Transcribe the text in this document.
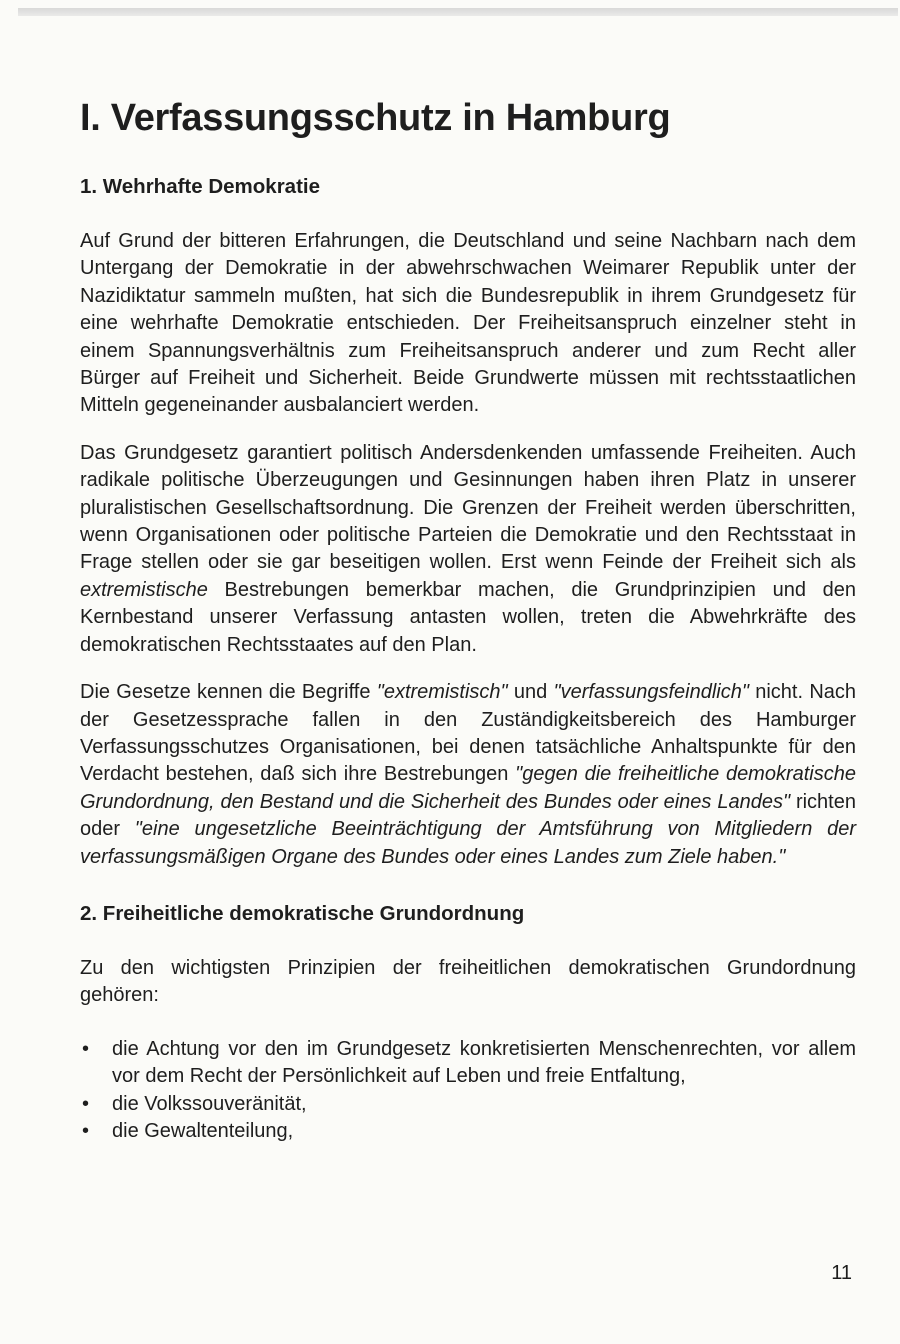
I. Verfassungsschutz in Hamburg
1. Wehrhafte Demokratie

Auf Grund der bitteren Erfahrungen, die Deutschland und seine Nachbarn nach dem Untergang der Demokratie in der abwehrschwachen Weimarer Republik unter der Nazidiktatur sammeln mußten, hat sich die Bundesrepublik in ihrem Grundgesetz für eine wehrhafte Demokratie entschieden. Der Freiheitsanspruch einzelner steht in einem Spannungsverhältnis zum Freiheitsanspruch anderer und zum Recht aller Bürger auf Freiheit und Sicherheit. Beide Grundwerte müssen mit rechtsstaatlichen Mitteln gegeneinander ausbalanciert werden.

Das Grundgesetz garantiert politisch Andersdenkenden umfassende Freiheiten. Auch radikale politische Überzeugungen und Gesinnungen haben ihren Platz in unserer pluralistischen Gesellschaftsordnung. Die Grenzen der Freiheit werden überschritten, wenn Organisationen oder politische Parteien die Demokratie und den Rechtsstaat in Frage stellen oder sie gar beseitigen wollen. Erst wenn Feinde der Freiheit sich als extremistische Bestrebungen bemerkbar machen, die Grundprinzipien und den Kernbestand unserer Verfassung antasten wollen, treten die Abwehrkräfte des demokratischen Rechtsstaates auf den Plan.

Die Gesetze kennen die Begriffe "extremistisch" und "verfassungsfeindlich" nicht. Nach der Gesetzessprache fallen in den Zuständigkeitsbereich des Hamburger Verfassungsschutzes Organisationen, bei denen tatsächliche Anhaltspunkte für den Verdacht bestehen, daß sich ihre Bestrebungen "gegen die freiheitliche demokratische Grundordnung, den Bestand und die Sicherheit des Bundes oder eines Landes" richten oder "eine ungesetzliche Beeinträchtigung der Amtsführung von Mitgliedern der verfassungsmäßigen Organe des Bundes oder eines Landes zum Ziele haben."

2. Freiheitliche demokratische Grundordnung

Zu den wichtigsten Prinzipien der freiheitlichen demokratischen Grundordnung gehören:

• die Achtung vor den im Grundgesetz konkretisierten Menschenrechten, vor allem vor dem Recht der Persönlichkeit auf Leben und freie Entfaltung,
• die Volkssouveränität,
• die Gewaltenteilung,
11
